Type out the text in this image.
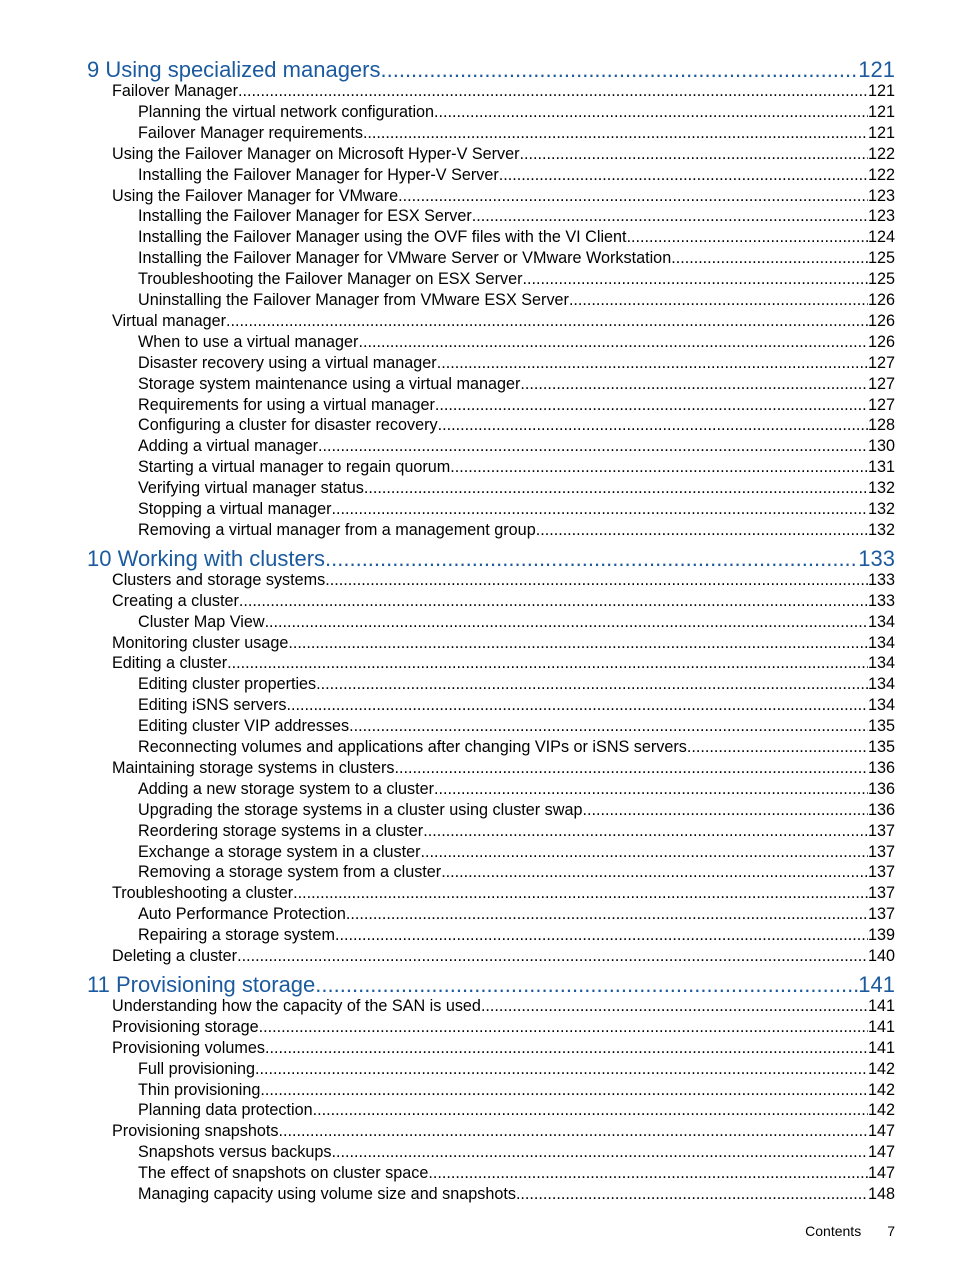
9 Using specialized managers .....	121
Failover Manager .....	121
Planning the virtual network configuration .....	121
Failover Manager requirements .....	121
Using the Failover Manager on Microsoft Hyper-V Server .....	122
Installing the Failover Manager for Hyper-V Server .....	122
Using the Failover Manager for VMware .....	123
Installing the Failover Manager for ESX Server .....	123
Installing the Failover Manager using the OVF files with the VI Client .....	124
Installing the Failover Manager for VMware Server or VMware Workstation .....	125
Troubleshooting the Failover Manager on ESX Server .....	125
Uninstalling the Failover Manager from VMware ESX Server .....	126
Virtual manager .....	126
When to use a virtual manager .....	126
Disaster recovery using a virtual manager .....	127
Storage system maintenance using a virtual manager .....	127
Requirements for using a virtual manager .....	127
Configuring a cluster for disaster recovery .....	128
Adding a virtual manager .....	130
Starting a virtual manager to regain quorum .....	131
Verifying virtual manager status .....	132
Stopping a virtual manager .....	132
Removing a virtual manager from a management group .....	132
10 Working with clusters .....	133
Clusters and storage systems .....	133
Creating a cluster .....	133
Cluster Map View .....	134
Monitoring cluster usage .....	134
Editing a cluster .....	134
Editing cluster properties .....	134
Editing iSNS servers .....	134
Editing cluster VIP addresses .....	135
Reconnecting volumes and applications after changing VIPs or iSNS servers .....	135
Maintaining storage systems in clusters .....	136
Adding a new storage system to a cluster .....	136
Upgrading the storage systems in a cluster using cluster swap .....	136
Reordering storage systems in a cluster .....	137
Exchange a storage system in a cluster .....	137
Removing a storage system from a cluster .....	137
Troubleshooting a cluster .....	137
Auto Performance Protection .....	137
Repairing a storage system .....	139
Deleting a cluster .....	140
11 Provisioning storage .....	141
Understanding how the capacity of the SAN is used .....	141
Provisioning storage .....	141
Provisioning volumes .....	141
Full provisioning .....	142
Thin provisioning .....	142
Planning data protection .....	142
Provisioning snapshots .....	147
Snapshots versus backups .....	147
The effect of snapshots on cluster space .....	147
Managing capacity using volume size and snapshots .....	148
Contents 7
